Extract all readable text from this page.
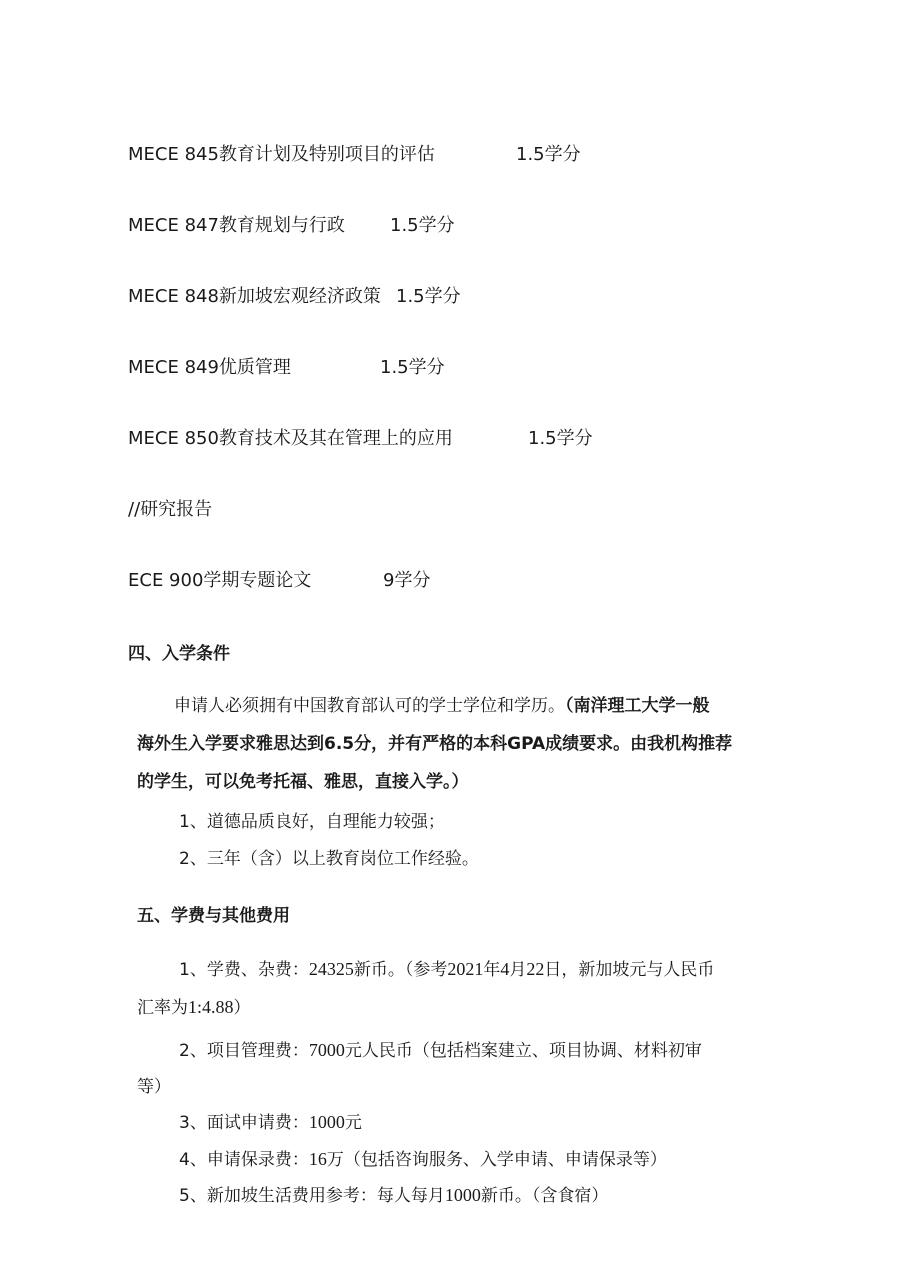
MECE 845教育计划及特别项目的评估	1.5学分
MECE 847教育规划与行政	1.5学分
MECE 848新加坡宏观经济政策 1.5学分
MECE 849优质管理	1.5学分
MECE 850教育技术及其在管理上的应用	1.5学分
//研究报告
ECE 900学期专题论文	9学分
四、入学条件
申请人必须拥有中国教育部认可的学士学位和学历。（南洋理工大学一般
海外生入学要求雅思达到6.5分，并有严格的本科GPA成绩要求。由我机构推荐
的学生，可以免考托福、雅思，直接入学。）
1、道德品质良好，自理能力较强；
2、三年（含）以上教育岗位工作经验。
五、学费与其他费用
1、学费、杂费：24325新币。（参考2021年4月22日，新加坡元与人民币
汇率为1:4.88）
2、项目管理费：7000元人民币（包括档案建立、项目协调、材料初审
等）
3、面试申请费：1000元
4、申请保录费：16万（包括咨询服务、入学申请、申请保录等）
5、新加坡生活费用参考：每人每月1000新币。（含食宿）
